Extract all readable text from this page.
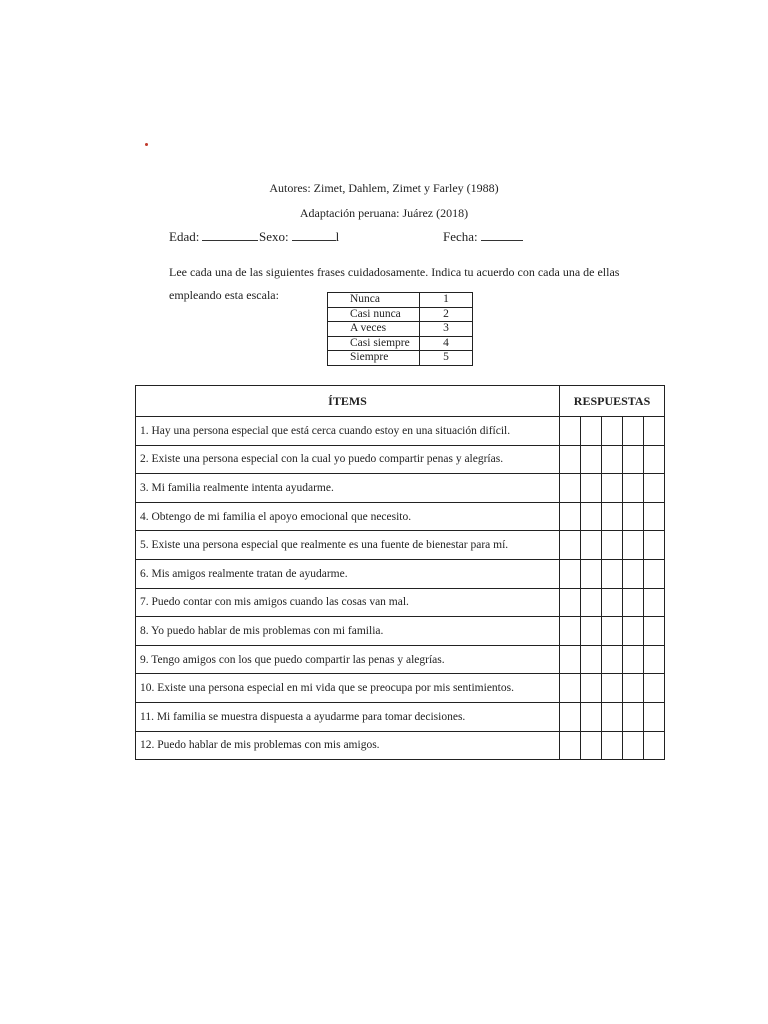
Autores: Zimet, Dahlem, Zimet y Farley (1988)
Adaptación peruana: Juárez (2018)
Edad:	Sexo:	l	Fecha:
Lee cada una de las siguientes frases cuidadosamente. Indica tu acuerdo con cada una de ellas
empleando esta escala:	Nunca	1
Casi nunca	2
A veces	3
Casi siempre	4
Siempre	5
ÍTEMS	RESPUESTAS				
1. Hay una persona especial que está cerca cuando estoy en una situación difícil.					
2. Existe una persona especial con la cual yo puedo compartir penas y alegrías.					
3. Mi familia realmente intenta ayudarme.					
4. Obtengo de mi familia el apoyo emocional que necesito.					
5. Existe una persona especial que realmente es una fuente de bienestar para mí.					
6. Mis amigos realmente tratan de ayudarme.					
7. Puedo contar con mis amigos cuando las cosas van mal.					
8. Yo puedo hablar de mis problemas con mi familia.					
9. Tengo amigos con los que puedo compartir las penas y alegrías.					
10. Existe una persona especial en mi vida que se preocupa por mis sentimientos.					
11. Mi familia se muestra dispuesta a ayudarme para tomar decisiones.					
12. Puedo hablar de mis problemas con mis amigos.					
